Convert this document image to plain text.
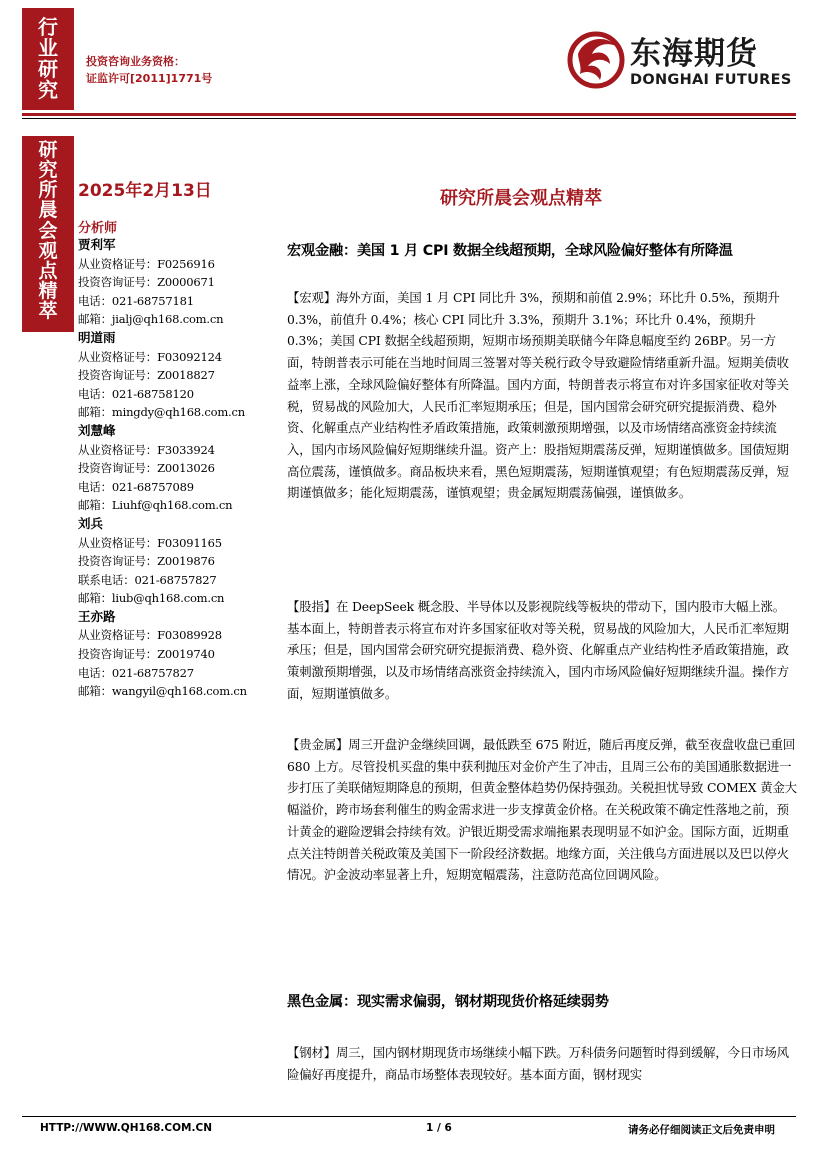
行
业
研
究
研
究
所
晨
会
观
点
精
萃
投资咨询业务资格：
证监许可[2011]1771号
东海期货
DONGHAI FUTURES
2025年2月13日	研究所晨会观点精萃
分析师
贾利军
从业资格证号：F0256916
投资咨询证号：Z0000671
电话：021-68757181
邮箱：jialj@qh168.com.cn
明道雨
从业资格证号：F03092124
投资咨询证号：Z0018827
电话：021-68758120
邮箱：mingdy@qh168.com.cn
刘慧峰
从业资格证号：F3033924
投资咨询证号：Z0013026
电话：021-68757089
邮箱：Liuhf@qh168.com.cn
刘兵
从业资格证号：F03091165
投资咨询证号：Z0019876
联系电话：021-68757827
邮箱：liub@qh168.com.cn
王亦路
从业资格证号：F03089928
投资咨询证号：Z0019740
电话：021-68757827
邮箱：wangyil@qh168.com.cn
宏观金融：美国 1 月 CPI 数据全线超预期，全球风险偏好整体有所降温
【宏观】海外方面，美国 1 月 CPI 同比升 3%，预期和前值 2.9%；环比升 0.5%，预期升 0.3%，前值升 0.4%；核心 CPI 同比升 3.3%，预期升 3.1%；环比升 0.4%，预期升 0.3%；美国 CPI 数据全线超预期，短期市场预期美联储今年降息幅度至约 26BP。另一方面，特朗普表示可能在当地时间周三签署对等关税行政令导致避险情绪重新升温。短期美债收益率上涨，全球风险偏好整体有所降温。国内方面，特朗普表示将宣布对许多国家征收对等关税，贸易战的风险加大，人民币汇率短期承压；但是，国内国常会研究研究提振消费、稳外资、化解重点产业结构性矛盾政策措施，政策刺激预期增强，以及市场情绪高涨资金持续流入，国内市场风险偏好短期继续升温。资产上：股指短期震荡反弹，短期谨慎做多。国债短期高位震荡，谨慎做多。商品板块来看，黑色短期震荡，短期谨慎观望；有色短期震荡反弹，短期谨慎做多；能化短期震荡，谨慎观望；贵金属短期震荡偏强，谨慎做多。
【股指】在 DeepSeek 概念股、半导体以及影视院线等板块的带动下，国内股市大幅上涨。基本面上，特朗普表示将宣布对许多国家征收对等关税，贸易战的风险加大，人民币汇率短期承压；但是，国内国常会研究研究提振消费、稳外资、化解重点产业结构性矛盾政策措施，政策刺激预期增强，以及市场情绪高涨资金持续流入，国内市场风险偏好短期继续升温。操作方面，短期谨慎做多。
【贵金属】周三开盘沪金继续回调，最低跌至 675 附近，随后再度反弹，截至夜盘收盘已重回 680 上方。尽管投机买盘的集中获利抛压对金价产生了冲击，且周三公布的美国通胀数据进一步打压了美联储短期降息的预期，但黄金整体趋势仍保持强劲。关税担忧导致 COMEX 黄金大幅溢价，跨市场套利催生的购金需求进一步支撑黄金价格。在关税政策不确定性落地之前，预计黄金的避险逻辑会持续有效。沪银近期受需求端拖累表现明显不如沪金。国际方面，近期重点关注特朗普关税政策及美国下一阶段经济数据。地缘方面，关注俄乌方面进展以及巴以停火情况。沪金波动率显著上升，短期宽幅震荡，注意防范高位回调风险。
黑色金属：现实需求偏弱，钢材期现货价格延续弱势
【钢材】周三，国内钢材期现货市场继续小幅下跌。万科债务问题暂时得到缓解，今日市场风险偏好再度提升，商品市场整体表现较好。基本面方面，钢材现实
HTTP://WWW.QH168.COM.CN	1 / 6	请务必仔细阅读正文后免责申明
